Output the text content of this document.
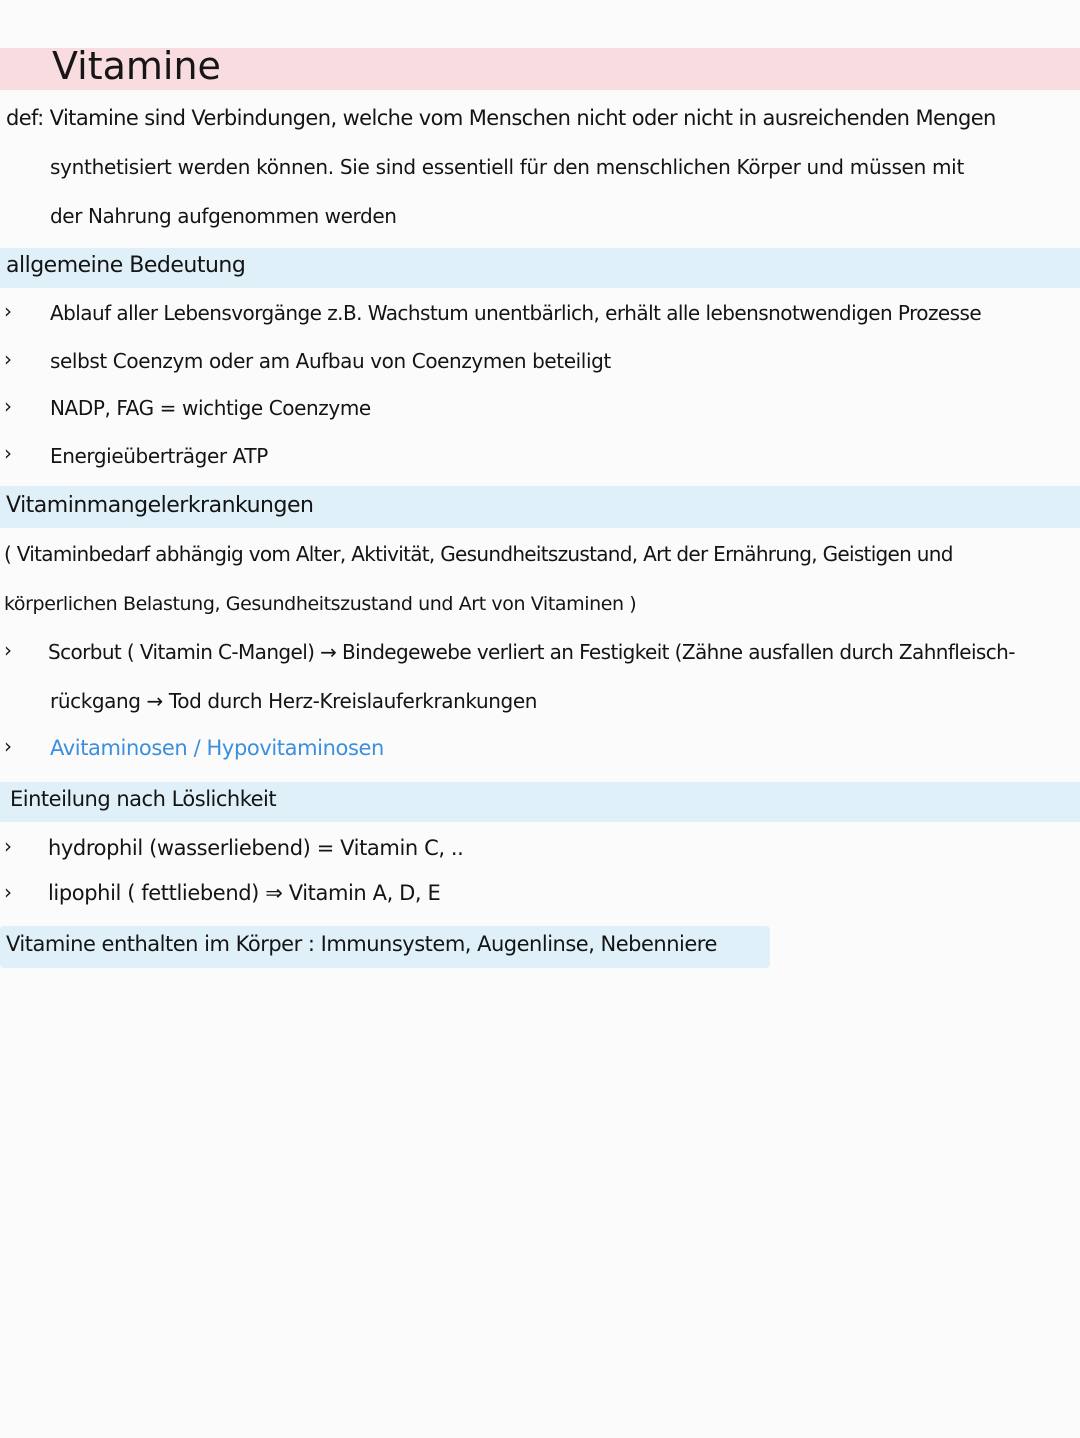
Vitamine
def: Vitamine sind Verbindungen, welche vom Menschen nicht oder nicht in ausreichenden Mengen
synthetisiert werden können. Sie sind essentiell für den menschlichen Körper und müssen mit
der Nahrung aufgenommen werden
allgemeine Bedeutung
› Ablauf aller Lebensvorgänge z.B. Wachstum unentbärlich, erhält alle lebensnotwendigen Prozesse
› selbst Coenzym oder am Aufbau von Coenzymen beteiligt
› NADP, FAG = wichtige Coenzyme
› Energieüberträger ATP
Vitaminmangelerkrankungen
( Vitaminbedarf abhängig vom Alter, Aktivität, Gesundheitszustand, Art der Ernährung, Geistigen und
körperlichen Belastung, Gesundheitszustand und Art von Vitaminen )
› Scorbut ( Vitamin C-Mangel) → Bindegewebe verliert an Festigkeit (Zähne ausfallen durch Zahnfleisch-
rückgang → Tod durch Herz-Kreislauferkrankungen
› Avitaminosen / Hypovitaminosen
Einteilung nach Löslichkeit
› hydrophil (wasserliebend) = Vitamin C, ..
› lipophil ( fettliebend) ⇒ Vitamin A, D, E
Vitamine enthalten im Körper : Immunsystem, Augenlinse, Nebenniere
